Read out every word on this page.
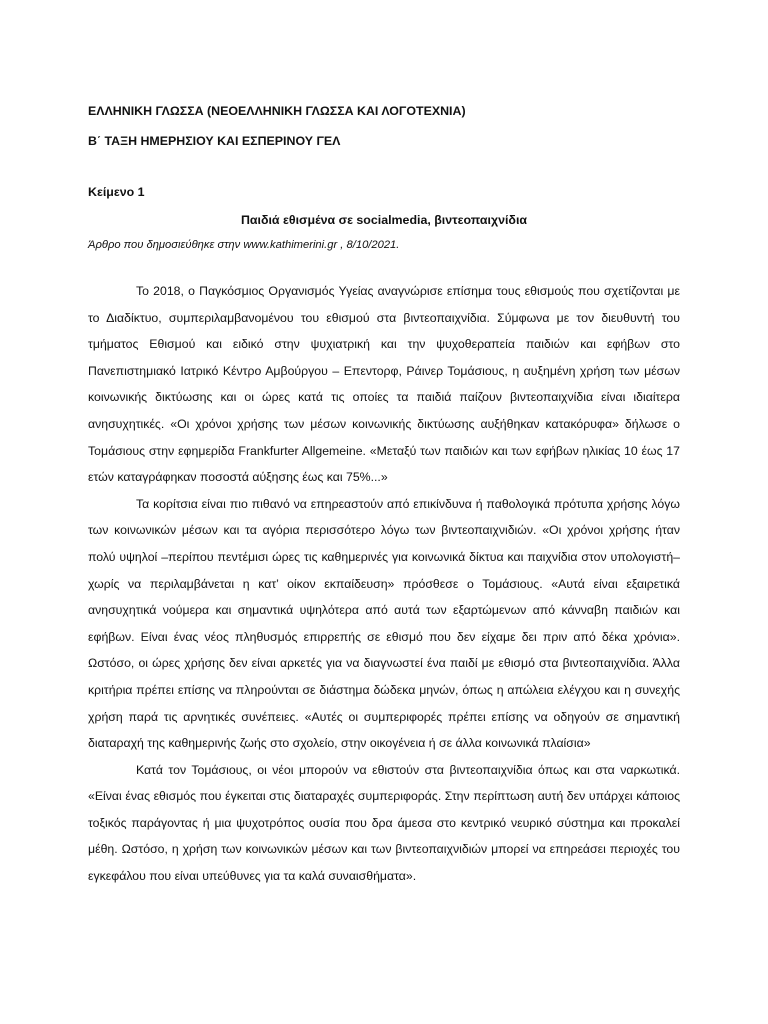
ΕΛΛΗΝΙΚΗ ΓΛΩΣΣΑ (ΝΕΟΕΛΛΗΝΙΚΗ ΓΛΩΣΣΑ ΚΑΙ ΛΟΓΟΤΕΧΝΙΑ)

Β΄ ΤΑΞΗ ΗΜΕΡΗΣΙΟΥ ΚΑΙ ΕΣΠΕΡΙΝΟΥ ΓΕΛ

Κείμενο 1

Παιδιά εθισμένα σε socialmedia, βιντεοπαιχνίδια

Άρθρο που δημοσιεύθηκε στην www.kathimerini.gr , 8/10/2021.

Το 2018, ο Παγκόσμιος Οργανισμός Υγείας αναγνώρισε επίσημα τους εθισμούς που σχετίζονται με το Διαδίκτυο, συμπεριλαμβανομένου του εθισμού στα βιντεοπαιχνίδια. Σύμφωνα με τον διευθυντή του τμήματος Εθισμού και ειδικό στην ψυχιατρική και την ψυχοθεραπεία παιδιών και εφήβων στο Πανεπιστημιακό Ιατρικό Κέντρο Αμβούργου – Επεντορφ, Ράινερ Τομάσιους, η αυξημένη χρήση των μέσων κοινωνικής δικτύωσης και οι ώρες κατά τις οποίες τα παιδιά παίζουν βιντεοπαιχνίδια είναι ιδιαίτερα ανησυχητικές. «Οι χρόνοι χρήσης των μέσων κοινωνικής δικτύωσης αυξήθηκαν κατακόρυφα» δήλωσε ο Τομάσιους στην εφημερίδα Frankfurter Allgemeine. «Μεταξύ των παιδιών και των εφήβων ηλικίας 10 έως 17 ετών καταγράφηκαν ποσοστά αύξησης έως και 75%...»

Τα κορίτσια είναι πιο πιθανό να επηρεαστούν από επικίνδυνα ή παθολογικά πρότυπα χρήσης λόγω των κοινωνικών μέσων και τα αγόρια περισσότερο λόγω των βιντεοπαιχνιδιών. «Οι χρόνοι χρήσης ήταν πολύ υψηλοί –περίπου πεντέμισι ώρες τις καθημερινές για κοινωνικά δίκτυα και παιχνίδια στον υπολογιστή– χωρίς να περιλαμβάνεται η κατ’ οίκον εκπαίδευση» πρόσθεσε ο Τομάσιους. «Αυτά είναι εξαιρετικά ανησυχητικά νούμερα και σημαντικά υψηλότερα από αυτά των εξαρτώμενων από κάνναβη παιδιών και εφήβων. Είναι ένας νέος πληθυσμός επιρρεπής σε εθισμό που δεν είχαμε δει πριν από δέκα χρόνια». Ωστόσο, οι ώρες χρήσης δεν είναι αρκετές για να διαγνωστεί ένα παιδί με εθισμό στα βιντεοπαιχνίδια. Άλλα κριτήρια πρέπει επίσης να πληρούνται σε διάστημα δώδεκα μηνών, όπως η απώλεια ελέγχου και η συνεχής χρήση παρά τις αρνητικές συνέπειες. «Αυτές οι συμπεριφορές πρέπει επίσης να οδηγούν σε σημαντική διαταραχή της καθημερινής ζωής στο σχολείο, στην οικογένεια ή σε άλλα κοινωνικά πλαίσια»

Κατά τον Τομάσιους, οι νέοι μπορούν να εθιστούν στα βιντεοπαιχνίδια όπως και στα ναρκωτικά. «Είναι ένας εθισμός που έγκειται στις διαταραχές συμπεριφοράς. Στην περίπτωση αυτή δεν υπάρχει κάποιος τοξικός παράγοντας ή μια ψυχοτρόπος ουσία που δρα άμεσα στο κεντρικό νευρικό σύστημα και προκαλεί μέθη. Ωστόσο, η χρήση των κοινωνικών μέσων και των βιντεοπαιχνιδιών μπορεί να επηρεάσει περιοχές του εγκεφάλου που είναι υπεύθυνες για τα καλά συναισθήματα».
